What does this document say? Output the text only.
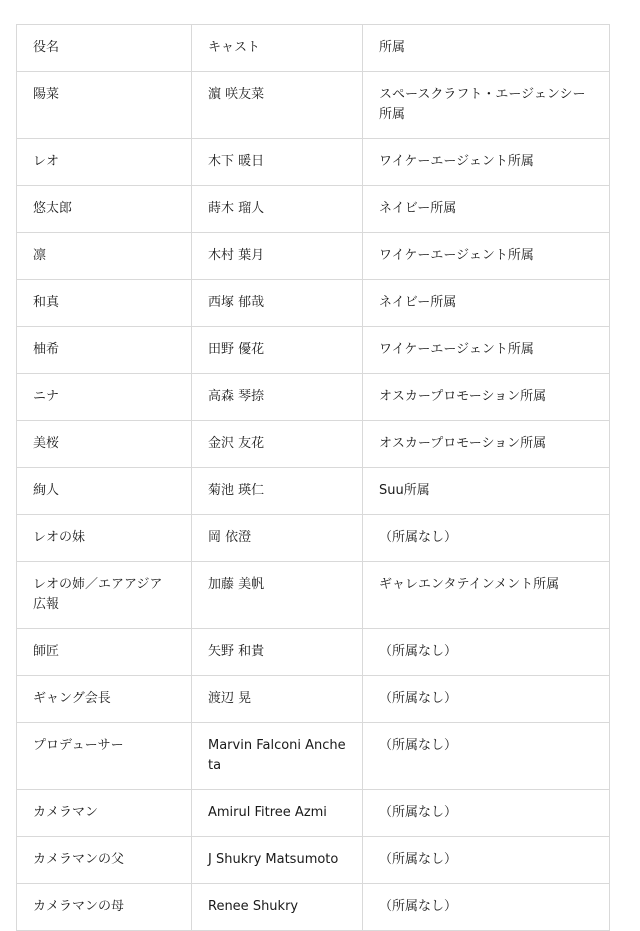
役名	キャスト	所属
陽菜	濵 咲友菜	スペースクラフト・エージェンシー所属
レオ	木下 暖日	ワイケーエージェント所属
悠太郎	蒔木 瑠人	ネイビー所属
凛	木村 葉月	ワイケーエージェント所属
和真	西塚 郁哉	ネイビー所属
柚希	田野 優花	ワイケーエージェント所属
ニナ	高森 琴捺	オスカープロモーション所属
美桜	金沢 友花	オスカープロモーション所属
絢人	菊池 瑛仁	Suu所属
レオの妹	岡 依澄	（所属なし）
レオの姉／エアアジア広報	加藤 美帆	ギャレエンタテインメント所属
師匠	矢野 和貴	（所属なし）
ギャング会長	渡辺 晃	（所属なし）
プロデューサー	Marvin Falconi Ancheta	（所属なし）
カメラマン	Amirul Fitree Azmi	（所属なし）
カメラマンの父	J Shukry Matsumoto	（所属なし）
カメラマンの母	Renee Shukry	（所属なし）
